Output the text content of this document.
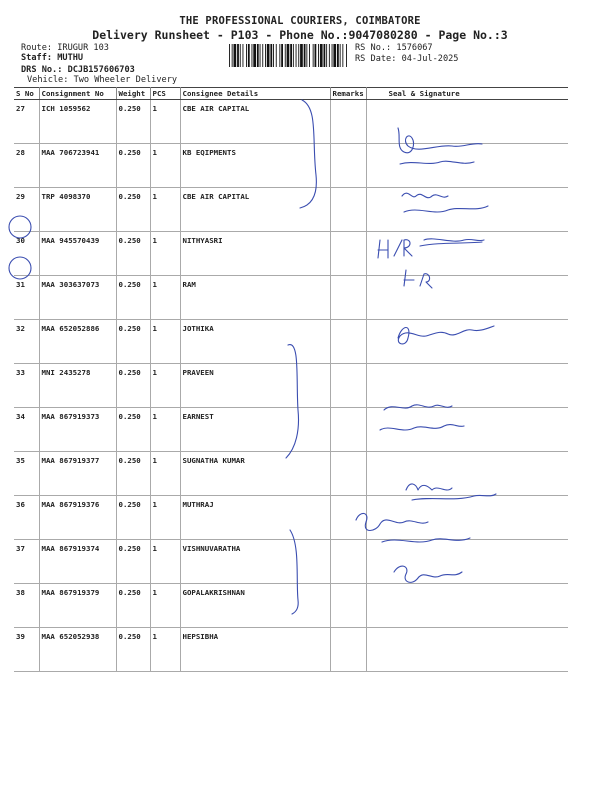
THE PROFESSIONAL COURIERS, COIMBATORE
Delivery Runsheet - P103 - Phone No.:9047080280 - Page No.:3
Route: IRUGUR 103
Staff: MUTHU
DRS No.: DCJB157606703
Vehicle: Two Wheeler Delivery
RS No.: 1576067
RS Date: 04-Jul-2025
S No	Consignment No	Weight	PCS	Consignee Details	Remarks	Seal & Signature
27	ICH 1059562	0.250	1	CBE AIR CAPITAL		
28	MAA 706723941	0.250	1	KB EQIPMENTS		
29	TRP 4098370	0.250	1	CBE AIR CAPITAL		
30	MAA 945570439	0.250	1	NITHYASRI		
31	MAA 303637073	0.250	1	RAM		
32	MAA 652052886	0.250	1	JOTHIKA		
33	MNI 2435278	0.250	1	PRAVEEN		
34	MAA 867919373	0.250	1	EARNEST		
35	MAA 867919377	0.250	1	SUGNATHA KUMAR		
36	MAA 867919376	0.250	1	MUTHRAJ		
37	MAA 867919374	0.250	1	VISHNUVARATHA		
38	MAA 867919379	0.250	1	GOPALAKRISHNAN		
39	MAA 652052938	0.250	1	HEPSIBHA		
